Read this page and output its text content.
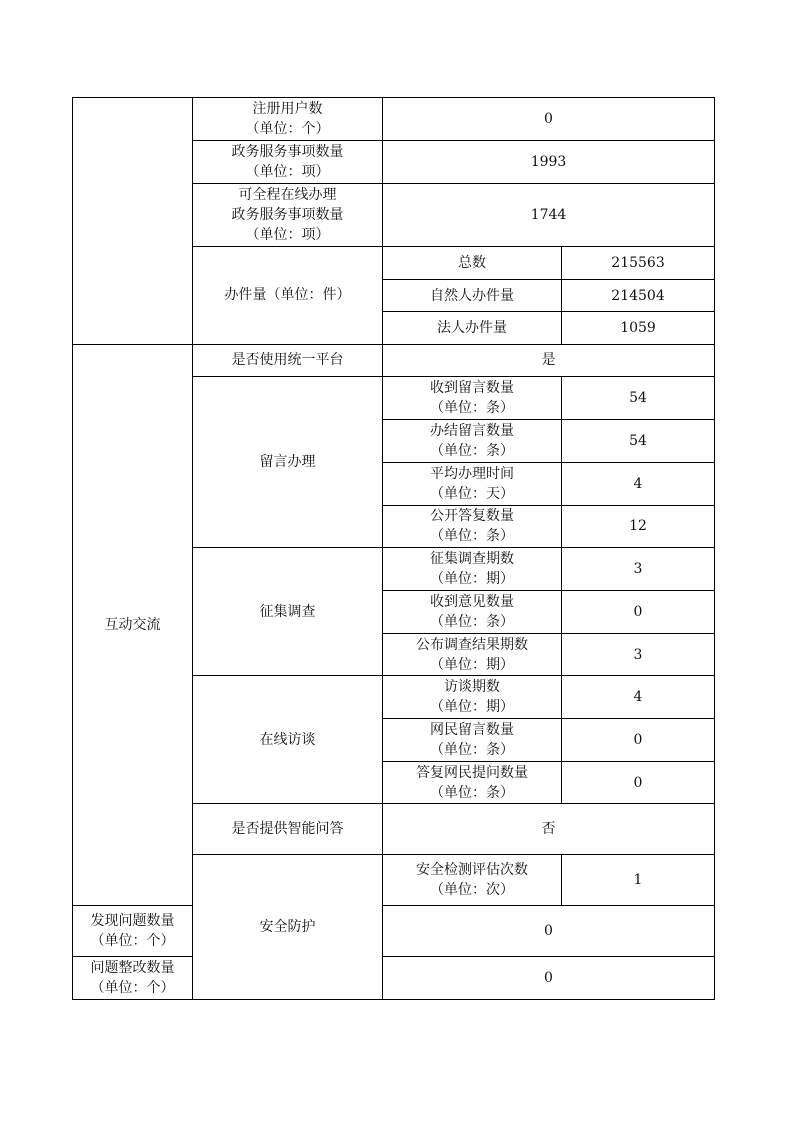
	注册用户数
（单位：个）	0	

	政务服务事项数量
（单位：项）	1993	

	可全程在线办理
政务服务事项数量
（单位：项）	1744	
	办件量（单位：件）	总数	215563
		自然人办件量	214504
		法人办件量	1059
互动交流	是否使用统一平台	是	
	留言办理	收到留言数量
（单位：条）	54

		办结留言数量
（单位：条）	54

		平均办理时间
（单位：天）	4

		公开答复数量
（单位：条）	12
	征集调查	征集调查期数
（单位：期）	3

		收到意见数量
（单位：条）	0

		公布调查结果期数
（单位：期）	3
	在线访谈	访谈期数
（单位：期）	4

		网民留言数量
（单位：条）	0

		答复网民提问数量
（单位：条）	0
	是否提供智能问答	否	
	安全防护	安全检测评估次数
（单位：次）	1

发现问题数量
（单位：个）		0	

问题整改数量
（单位：个）		0	
